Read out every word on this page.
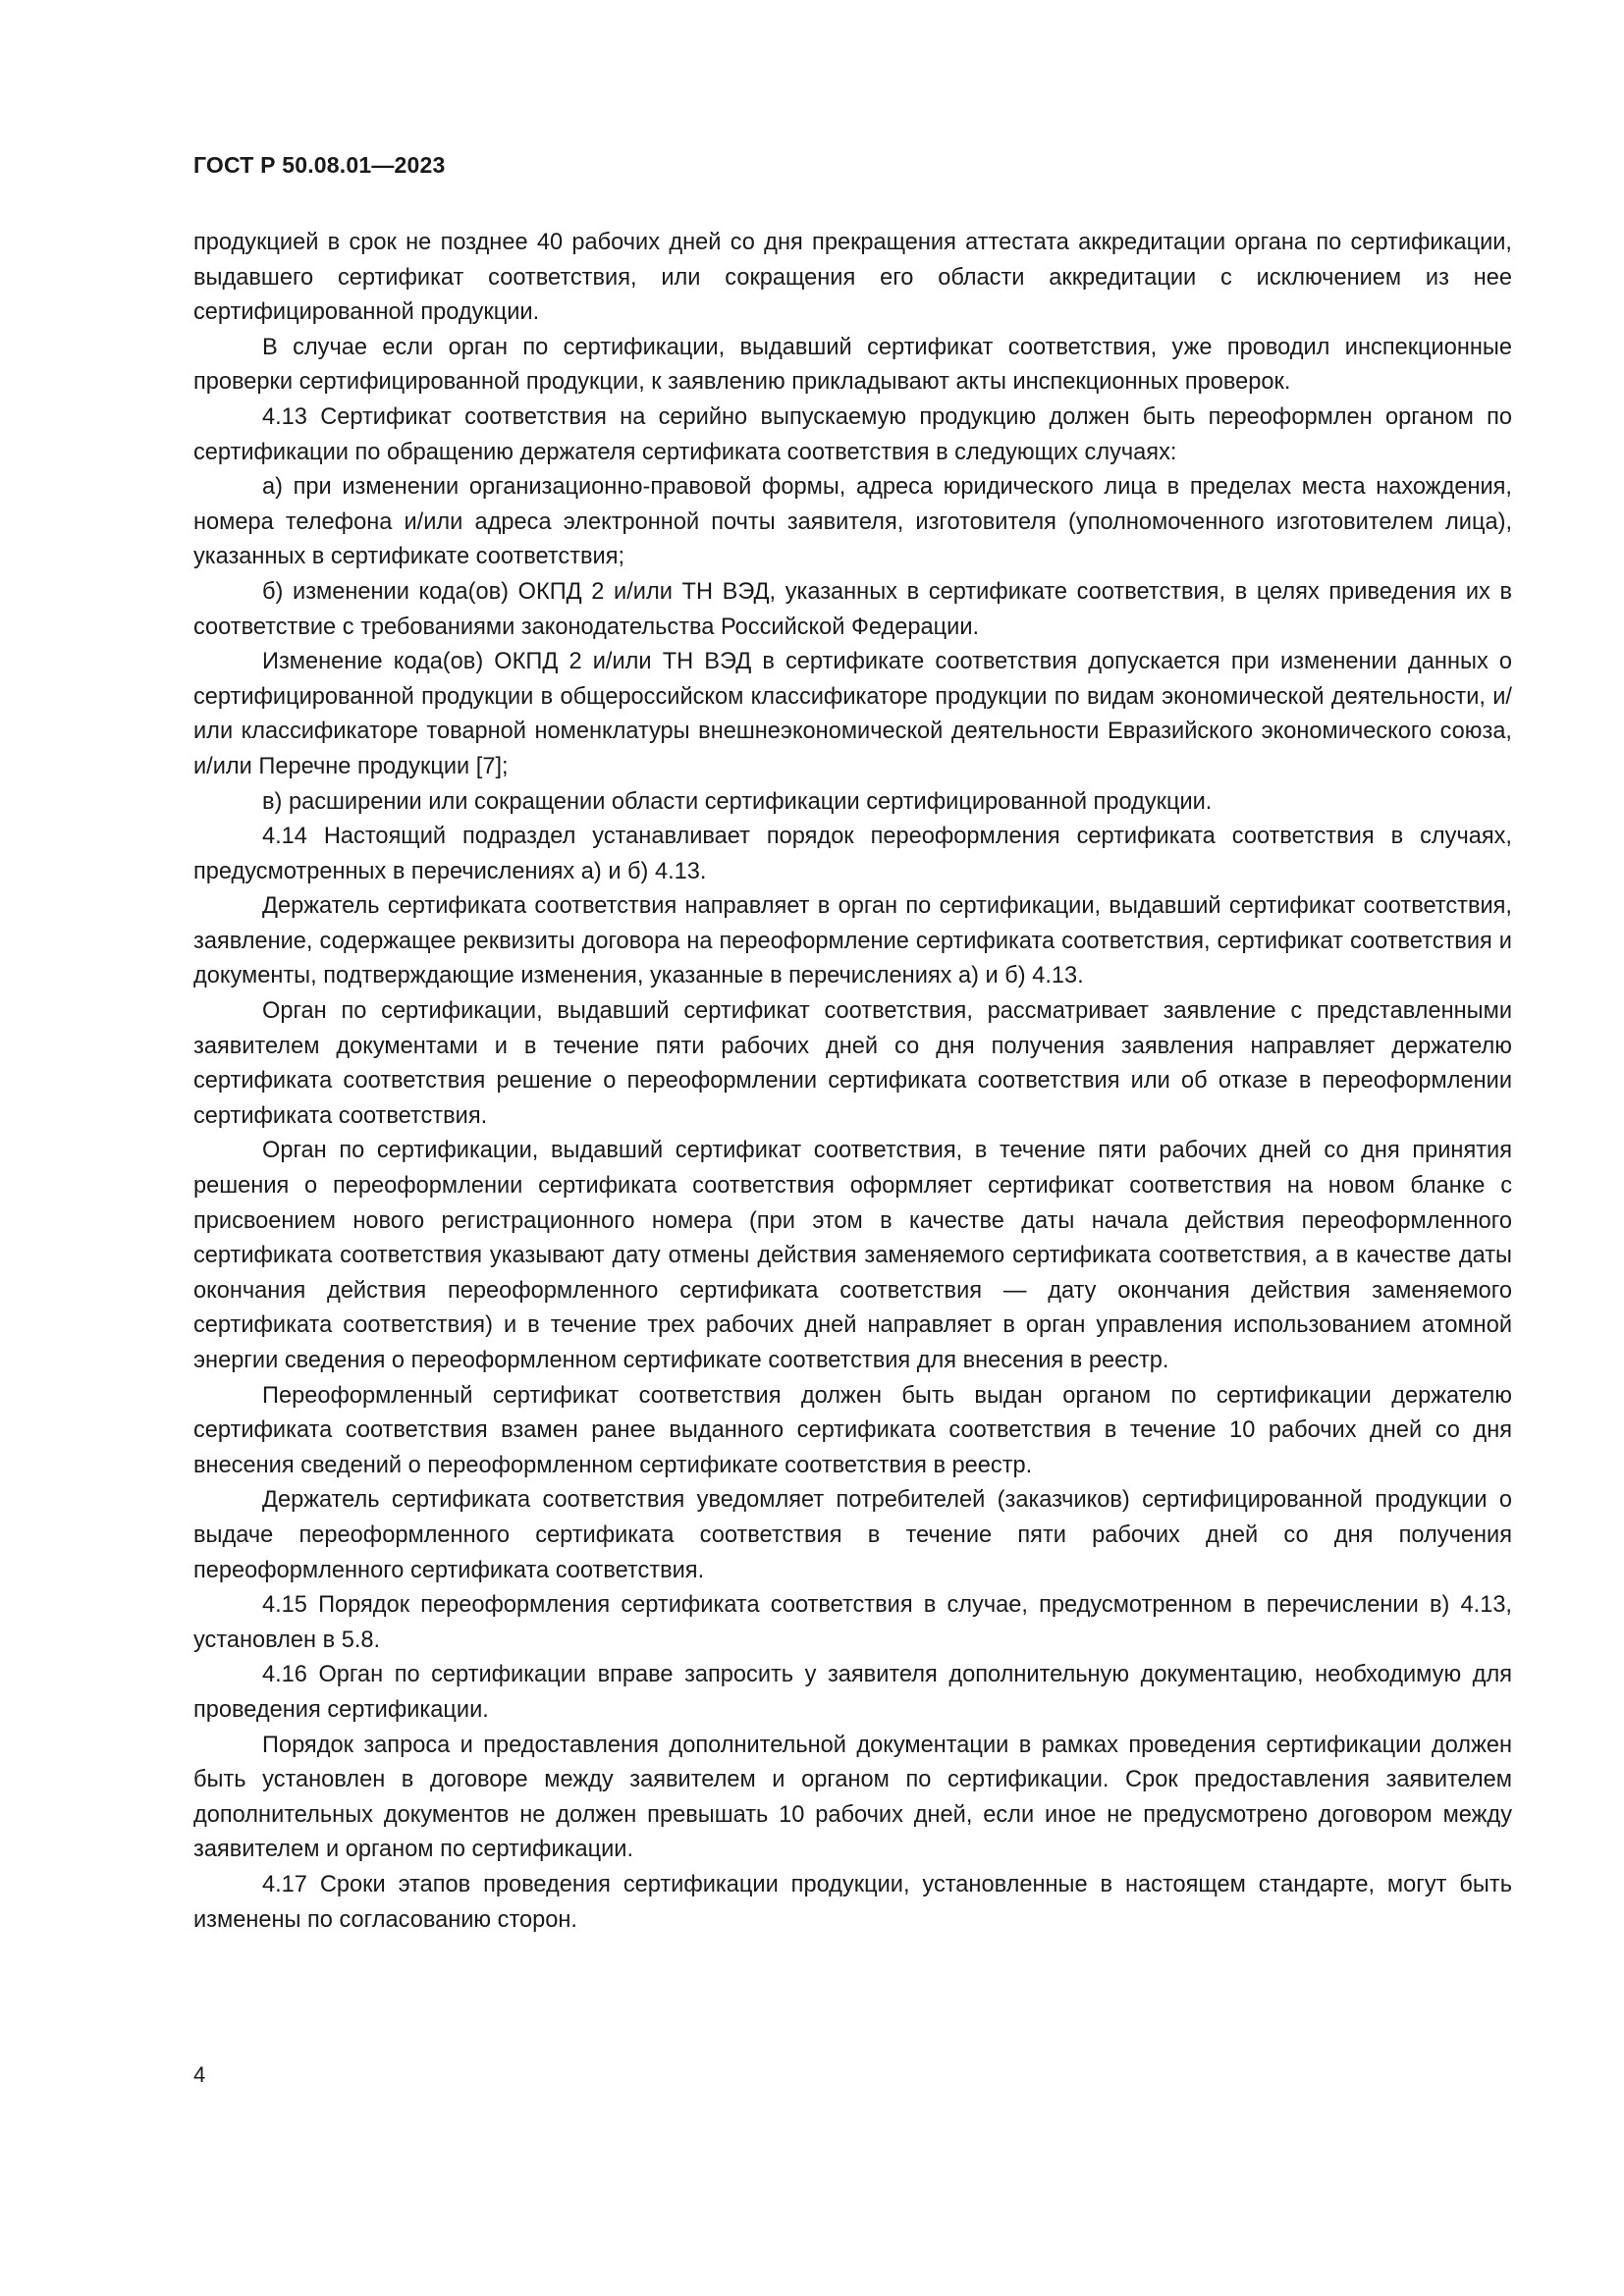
ГОСТ Р 50.08.01—2023

продукцией в срок не позднее 40 рабочих дней со дня прекращения аттестата аккредитации органа по сертификации, выдавшего сертификат соответствия, или сокращения его области аккредитации с исключением из нее сертифицированной продукции.

В случае если орган по сертификации, выдавший сертификат соответствия, уже проводил инспекционные проверки сертифицированной продукции, к заявлению прикладывают акты инспекционных проверок.

4.13 Сертификат соответствия на серийно выпускаемую продукцию должен быть переоформлен органом по сертификации по обращению держателя сертификата соответствия в следующих случаях:

а) при изменении организационно-правовой формы, адреса юридического лица в пределах места нахождения, номера телефона и/или адреса электронной почты заявителя, изготовителя (уполномоченного изготовителем лица), указанных в сертификате соответствия;

б) изменении кода(ов) ОКПД 2 и/или ТН ВЭД, указанных в сертификате соответствия, в целях приведения их в соответствие с требованиями законодательства Российской Федерации.

Изменение кода(ов) ОКПД 2 и/или ТН ВЭД в сертификате соответствия допускается при изменении данных о сертифицированной продукции в общероссийском классификаторе продукции по видам экономической деятельности, и/или классификаторе товарной номенклатуры внешнеэкономической деятельности Евразийского экономического союза, и/или Перечне продукции [7];

в) расширении или сокращении области сертификации сертифицированной продукции.

4.14 Настоящий подраздел устанавливает порядок переоформления сертификата соответствия в случаях, предусмотренных в перечислениях а) и б) 4.13.

Держатель сертификата соответствия направляет в орган по сертификации, выдавший сертификат соответствия, заявление, содержащее реквизиты договора на переоформление сертификата соответствия, сертификат соответствия и документы, подтверждающие изменения, указанные в перечислениях а) и б) 4.13.

Орган по сертификации, выдавший сертификат соответствия, рассматривает заявление с представленными заявителем документами и в течение пяти рабочих дней со дня получения заявления направляет держателю сертификата соответствия решение о переоформлении сертификата соответствия или об отказе в переоформлении сертификата соответствия.

Орган по сертификации, выдавший сертификат соответствия, в течение пяти рабочих дней со дня принятия решения о переоформлении сертификата соответствия оформляет сертификат соответствия на новом бланке с присвоением нового регистрационного номера (при этом в качестве даты начала действия переоформленного сертификата соответствия указывают дату отмены действия заменяемого сертификата соответствия, а в качестве даты окончания действия переоформленного сертификата соответствия — дату окончания действия заменяемого сертификата соответствия) и в течение трех рабочих дней направляет в орган управления использованием атомной энергии сведения о переоформленном сертификате соответствия для внесения в реестр.

Переоформленный сертификат соответствия должен быть выдан органом по сертификации держателю сертификата соответствия взамен ранее выданного сертификата соответствия в течение 10 рабочих дней со дня внесения сведений о переоформленном сертификате соответствия в реестр.

Держатель сертификата соответствия уведомляет потребителей (заказчиков) сертифицированной продукции о выдаче переоформленного сертификата соответствия в течение пяти рабочих дней со дня получения переоформленного сертификата соответствия.

4.15 Порядок переоформления сертификата соответствия в случае, предусмотренном в перечислении в) 4.13, установлен в 5.8.

4.16 Орган по сертификации вправе запросить у заявителя дополнительную документацию, необходимую для проведения сертификации.

Порядок запроса и предоставления дополнительной документации в рамках проведения сертификации должен быть установлен в договоре между заявителем и органом по сертификации. Срок предоставления заявителем дополнительных документов не должен превышать 10 рабочих дней, если иное не предусмотрено договором между заявителем и органом по сертификации.

4.17 Сроки этапов проведения сертификации продукции, установленные в настоящем стандарте, могут быть изменены по согласованию сторон.

4
